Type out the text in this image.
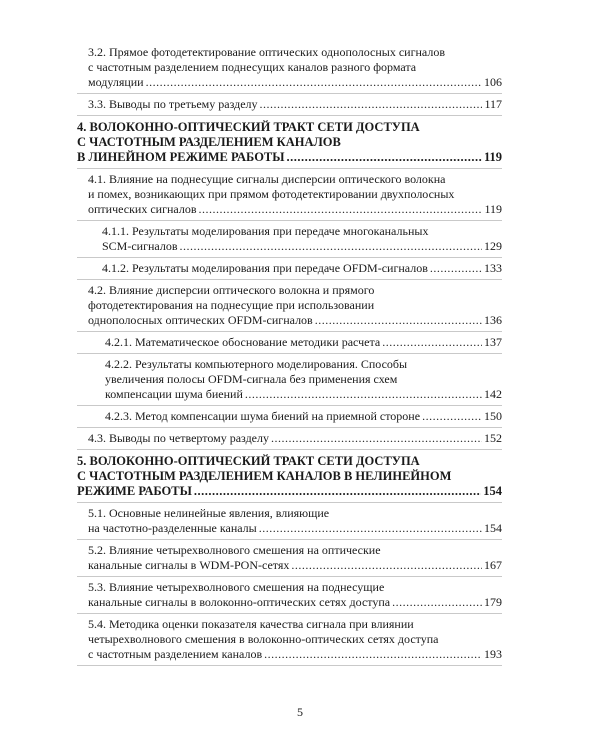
3.2. Прямое фотодетектирование оптических однополосных сигналов
с частотным разделением поднесущих каналов разного формата
модуляции .....	106
3.3. Выводы по третьему разделу .....	117
4. ВОЛОКОННО-ОПТИЧЕСКИЙ ТРАКТ СЕТИ ДОСТУПА
С ЧАСТОТНЫМ РАЗДЕЛЕНИЕМ КАНАЛОВ
В ЛИНЕЙНОМ РЕЖИМЕ РАБОТЫ .....	119
4.1. Влияние на поднесущие сигналы дисперсии оптического волокна
и помех, возникающих при прямом фотодетектировании двухполосных
оптических сигналов .....	119
4.1.1. Результаты моделирования при передаче многоканальных
SCM-сигналов .....	129
4.1.2. Результаты моделирования при передаче OFDM-сигналов .....	133
4.2. Влияние дисперсии оптического волокна и прямого
фотодетектирования на поднесущие при использовании
однополосных оптических OFDM-сигналов .....	136
4.2.1. Математическое обоснование методики расчета .....	137
4.2.2. Результаты компьютерного моделирования. Способы
увеличения полосы OFDM-сигнала без применения схем
компенсации шума биений .....	142
4.2.3. Метод компенсации шума биений на приемной стороне .....	150
4.3. Выводы по четвертому разделу .....	152
5. ВОЛОКОННО-ОПТИЧЕСКИЙ ТРАКТ СЕТИ ДОСТУПА
С ЧАСТОТНЫМ РАЗДЕЛЕНИЕМ КАНАЛОВ В НЕЛИНЕЙНОМ
РЕЖИМЕ РАБОТЫ .....	154
5.1. Основные нелинейные явления, влияющие
на частотно-разделенные каналы .....	154
5.2. Влияние четырехволнового смешения на оптические
канальные сигналы в WDM-PON-сетях .....	167
5.3. Влияние четырехволнового смешения на поднесущие
канальные сигналы в волоконно-оптических сетях доступа .....	179
5.4. Методика оценки показателя качества сигнала при влиянии
четырехволнового смешения в волоконно-оптических сетях доступа
с частотным разделением каналов .....	193
5
